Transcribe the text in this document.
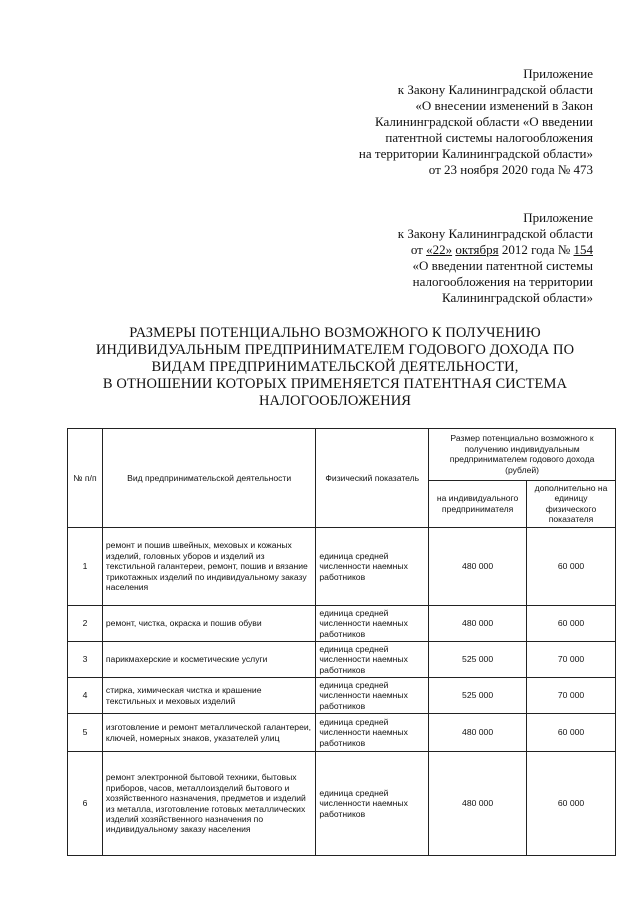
Приложение
к Закону Калининградской области
«О внесении изменений в Закон
Калининградской области «О введении
патентной системы налогообложения
на территории Калининградской области»
от 23 ноября 2020 года № 473
Приложение
к Закону Калининградской области
от «22» октября 2012 года № 154
«О введении патентной системы
налогообложения на территории
Калининградской области»
РАЗМЕРЫ ПОТЕНЦИАЛЬНО ВОЗМОЖНОГО К ПОЛУЧЕНИЮ
ИНДИВИДУАЛЬНЫМ ПРЕДПРИНИМАТЕЛЕМ ГОДОВОГО ДОХОДА ПО
ВИДАМ ПРЕДПРИНИМАТЕЛЬСКОЙ ДЕЯТЕЛЬНОСТИ,
В ОТНОШЕНИИ КОТОРЫХ ПРИМЕНЯЕТСЯ ПАТЕНТНАЯ СИСТЕМА
НАЛОГООБЛОЖЕНИЯ
№ п/п	Вид предпринимательской деятельности	Физический показатель	Размер потенциально возможного к получению индивидуальным предпринимателем годового дохода (рублей)	
			на индивидуального предпринимателя	дополнительно на единицу физического показателя
1	ремонт и пошив швейных, меховых и кожаных изделий, головных уборов и изделий из текстильной галантереи, ремонт, пошив и вязание трикотажных изделий по индивидуальному заказу населения	единица средней численности наемных работников	480 000	60 000
2	ремонт, чистка, окраска и пошив обуви	единица средней численности наемных работников	480 000	60 000
3	парикмахерские и косметические услуги	единица средней численности наемных работников	525 000	70 000
4	стирка, химическая чистка и крашение текстильных и меховых изделий	единица средней численности наемных работников	525 000	70 000
5	изготовление и ремонт металлической галантереи, ключей, номерных знаков, указателей улиц	единица средней численности наемных работников	480 000	60 000
6	ремонт электронной бытовой техники, бытовых приборов, часов, металлоизделий бытового и хозяйственного назначения, предметов и изделий из металла, изготовление готовых металлических изделий хозяйственного назначения по индивидуальному заказу населения	единица средней численности наемных работников	480 000	60 000
